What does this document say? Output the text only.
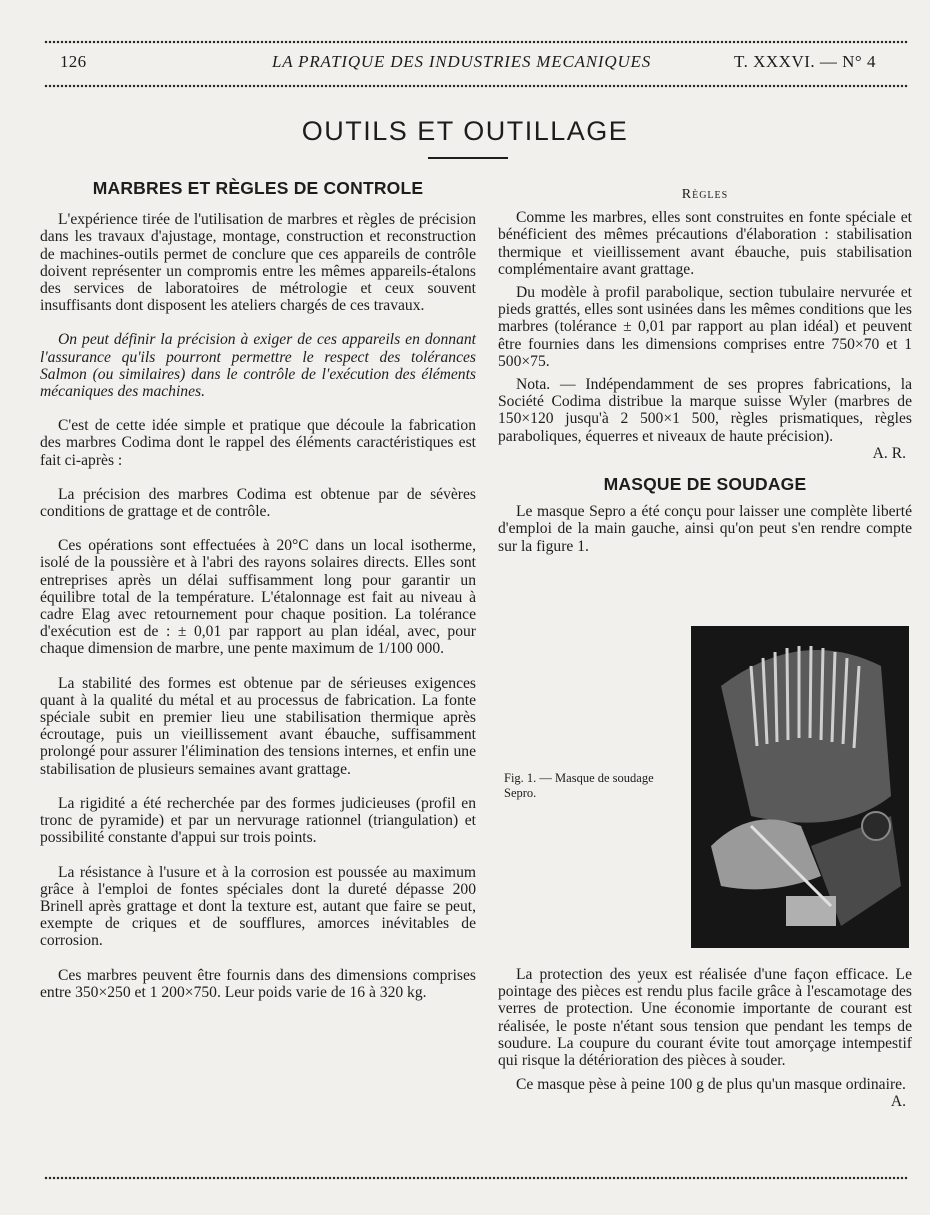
126	LA PRATIQUE DES INDUSTRIES MECANIQUES	T. XXXVI. — N° 4
OUTILS ET OUTILLAGE
MARBRES ET RÈGLES DE CONTROLE

L'expérience tirée de l'utilisation de marbres et règles de précision dans les travaux d'ajustage, montage, construction et reconstruction de machines-outils permet de conclure que ces appareils de contrôle doivent représenter un compromis entre les mêmes appareils-étalons des services de laboratoires de métrologie et ceux souvent insuffisants dont disposent les ateliers chargés de ces travaux.

On peut définir la précision à exiger de ces appareils en donnant l'assurance qu'ils pourront permettre le respect des tolérances Salmon (ou similaires) dans le contrôle de l'exécution des éléments mécaniques des machines.

C'est de cette idée simple et pratique que découle la fabrication des marbres Codima dont le rappel des éléments caractéristiques est fait ci-après :

La précision des marbres Codima est obtenue par de sévères conditions de grattage et de contrôle.

Ces opérations sont effectuées à 20°C dans un local isotherme, isolé de la poussière et à l'abri des rayons solaires directs. Elles sont entreprises après un délai suffisamment long pour garantir un équilibre total de la température. L'étalonnage est fait au niveau à cadre Elag avec retournement pour chaque position. La tolérance d'exécution est de : ± 0,01 par rapport au plan idéal, avec, pour chaque dimension de marbre, une pente maximum de 1/100 000.

La stabilité des formes est obtenue par de sérieuses exigences quant à la qualité du métal et au processus de fabrication. La fonte spéciale subit en premier lieu une stabilisation thermique après écroutage, puis un vieillissement avant ébauche, suffisamment prolongé pour assurer l'élimination des tensions internes, et enfin une stabilisation de plusieurs semaines avant grattage.

La rigidité a été recherchée par des formes judicieuses (profil en tronc de pyramide) et par un nervurage rationnel (triangulation) et possibilité constante d'appui sur trois points.

La résistance à l'usure et à la corrosion est poussée au maximum grâce à l'emploi de fontes spéciales dont la dureté dépasse 200 Brinell après grattage et dont la texture est, autant que faire se peut, exempte de criques et de soufflures, amorces inévitables de corrosion.

Ces marbres peuvent être fournis dans des dimensions comprises entre 350×250 et 1 200×750. Leur poids varie de 16 à 320 kg.

Règles

Comme les marbres, elles sont construites en fonte spéciale et bénéficient des mêmes précautions d'élaboration : stabilisation thermique et vieillissement avant ébauche, puis stabilisation complémentaire avant grattage.

Du modèle à profil parabolique, section tubulaire nervurée et pieds grattés, elles sont usinées dans les mêmes conditions que les marbres (tolérance ± 0,01 par rapport au plan idéal) et peuvent être fournies dans les dimensions comprises entre 750×70 et 1 500×75.

Nota. — Indépendamment de ses propres fabrications, la Société Codima distribue la marque suisse Wyler (marbres de 150×120 jusqu'à 2 500×1 500, règles prismatiques, règles paraboliques, équerres et niveaux de haute précision).

A. R.
MASQUE DE SOUDAGE

Le masque Sepro a été conçu pour laisser une complète liberté d'emploi de la main gauche, ainsi qu'on peut s'en rendre compte sur la figure 1.

Fig. 1. — Masque de soudage Sepro.

La protection des yeux est réalisée d'une façon efficace. Le pointage des pièces est rendu plus facile grâce à l'escamotage des verres de protection. Une économie importante de courant est réalisée, le poste n'étant sous tension que pendant les temps de soudure. La coupure du courant évite tout amorçage intempestif qui risque la détérioration des pièces à souder.

Ce masque pèse à peine 100 g de plus qu'un masque ordinaire.

A.
